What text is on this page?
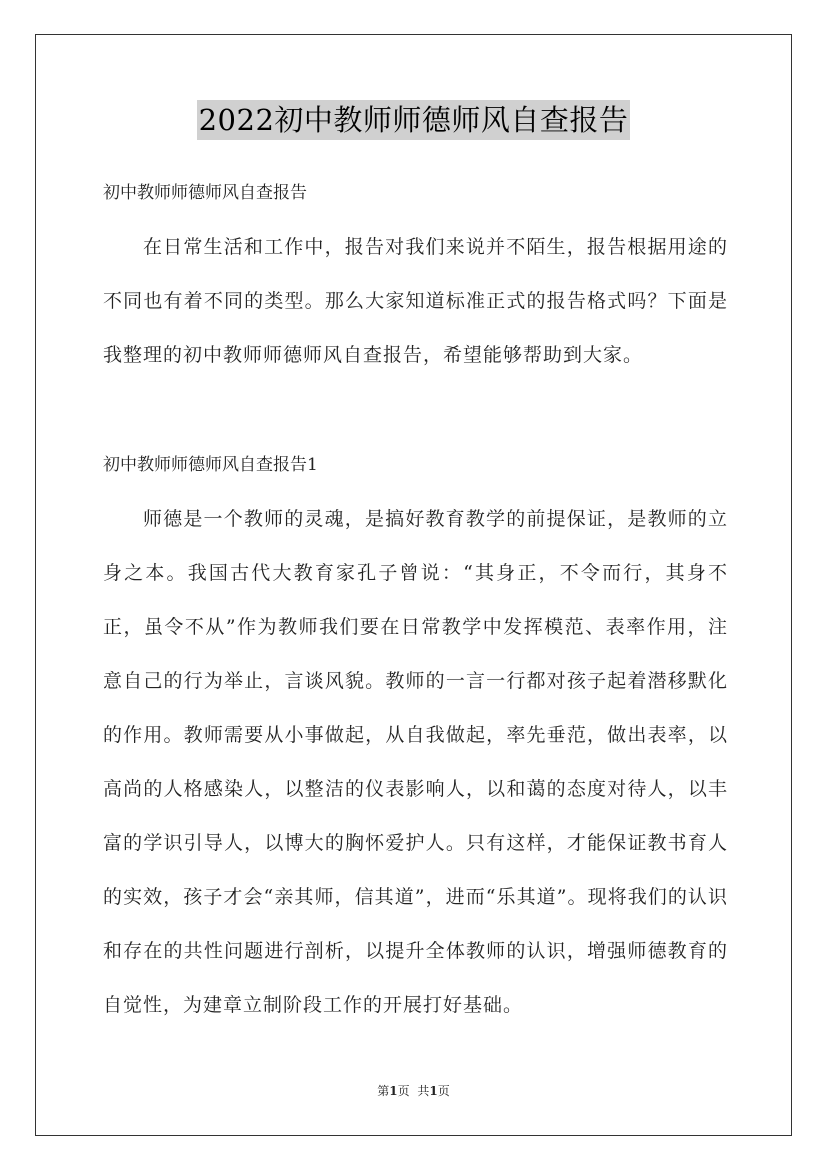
2022初中教师师德师风自查报告
初中教师师德师风自查报告
在日常生活和工作中，报告对我们来说并不陌生，报告根据用途的不同也有着不同的类型。那么大家知道标准正式的报告格式吗？下面是我整理的初中教师师德师风自查报告，希望能够帮助到大家。
初中教师师德师风自查报告1
师德是一个教师的灵魂，是搞好教育教学的前提保证，是教师的立身之本。我国古代大教育家孔子曾说：“其身正，不令而行，其身不正，虽令不从”作为教师我们要在日常教学中发挥模范、表率作用，注意自己的行为举止，言谈风貌。教师的一言一行都对孩子起着潜移默化的作用。教师需要从小事做起，从自我做起，率先垂范，做出表率，以高尚的人格感染人，以整洁的仪表影响人，以和蔼的态度对待人，以丰富的学识引导人，以博大的胸怀爱护人。只有这样，才能保证教书育人的实效，孩子才会“亲其师，信其道”，进而“乐其道”。现将我们的认识和存在的共性问题进行剖析，以提升全体教师的认识，增强师德教育的自觉性，为建章立制阶段工作的开展打好基础。
第1页 共1页
